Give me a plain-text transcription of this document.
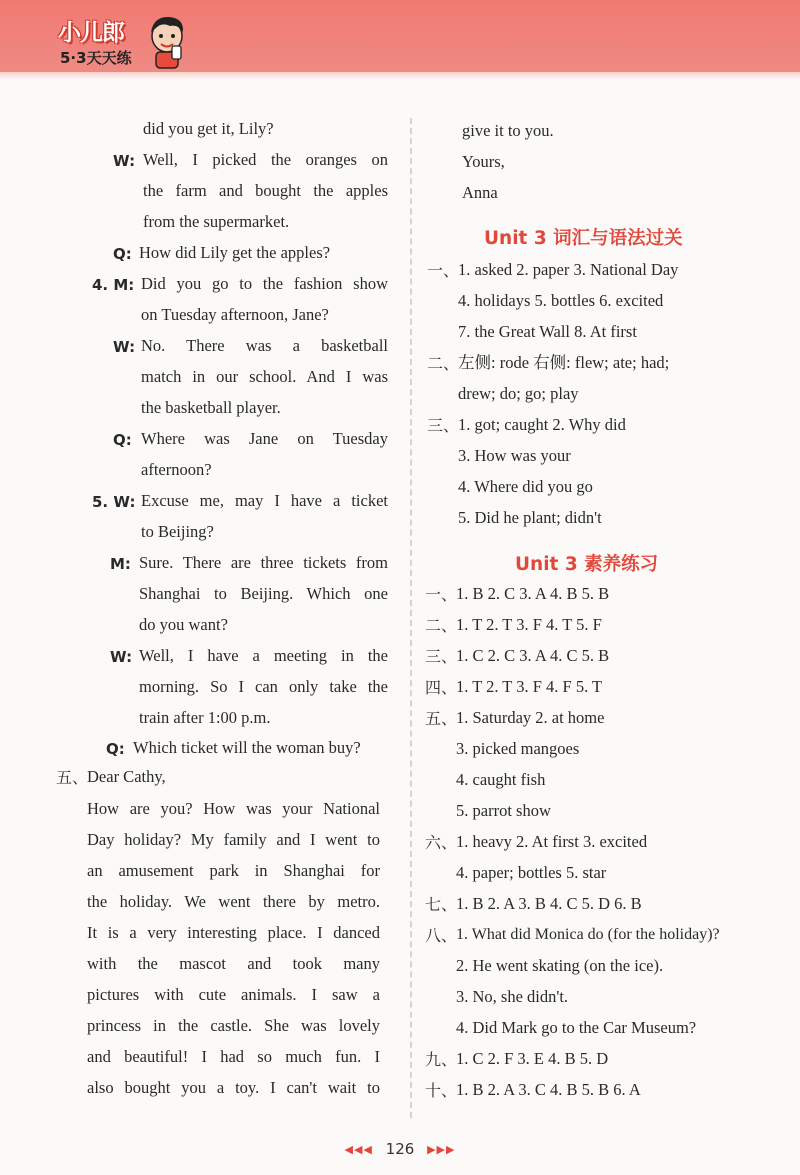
小儿郎
5·3天天练
did you get it, Lily?
W: Well, I picked the oranges on
the farm and bought the apples
from the supermarket.
Q: How did Lily get the apples?
4. M: Did you go to the fashion show
on Tuesday afternoon, Jane?
W: No. There was a basketball
match in our school. And I was
the basketball player.
Q: Where was Jane on Tuesday
afternoon?
5. W: Excuse me, may I have a ticket
to Beijing?
M: Sure. There are three tickets from
Shanghai to Beijing. Which one
do you want?
W: Well, I have a meeting in the
morning. So I can only take the
train after 1:00 p.m.
Q: Which ticket will the woman buy?
五、
Dear Cathy,
How are you? How was your National
Day holiday? My family and I went to
an amusement park in Shanghai for
the holiday. We went there by metro.
It is a very interesting place. I danced
with the mascot and took many
pictures with cute animals. I saw a
princess in the castle. She was lovely
and beautiful! I had so much fun. I
also bought you a toy. I can't wait to
give it to you.
Yours,
Anna
Unit 3 词汇与语法过关
一、
1. asked 2. paper 3. National Day
4. holidays 5. bottles 6. excited
7. the Great Wall 8. At first
二、
左侧: rode 右侧: flew; ate; had;
drew; do; go; play
三、
1. got; caught 2. Why did
3. How was your
4. Where did you go
5. Did he plant; didn't
Unit 3 素养练习
一、
1. B 2. C 3. A 4. B 5. B
二、
1. T 2. T 3. F 4. T 5. F
三、
1. C 2. C 3. A 4. C 5. B
四、
1. T 2. T 3. F 4. F 5. T
五、
1. Saturday 2. at home
3. picked mangoes
4. caught fish
5. parrot show
六、
1. heavy 2. At first 3. excited
4. paper; bottles 5. star
七、
1. B 2. A 3. B 4. C 5. D 6. B
八、
1. What did Monica do (for the holiday)?
2. He went skating (on the ice).
3. No, she didn't.
4. Did Mark go to the Car Museum?
九、
1. C 2. F 3. E 4. B 5. D
十、
1. B 2. A 3. C 4. B 5. B 6. A
◀◀◀ 126 ▶▶▶
